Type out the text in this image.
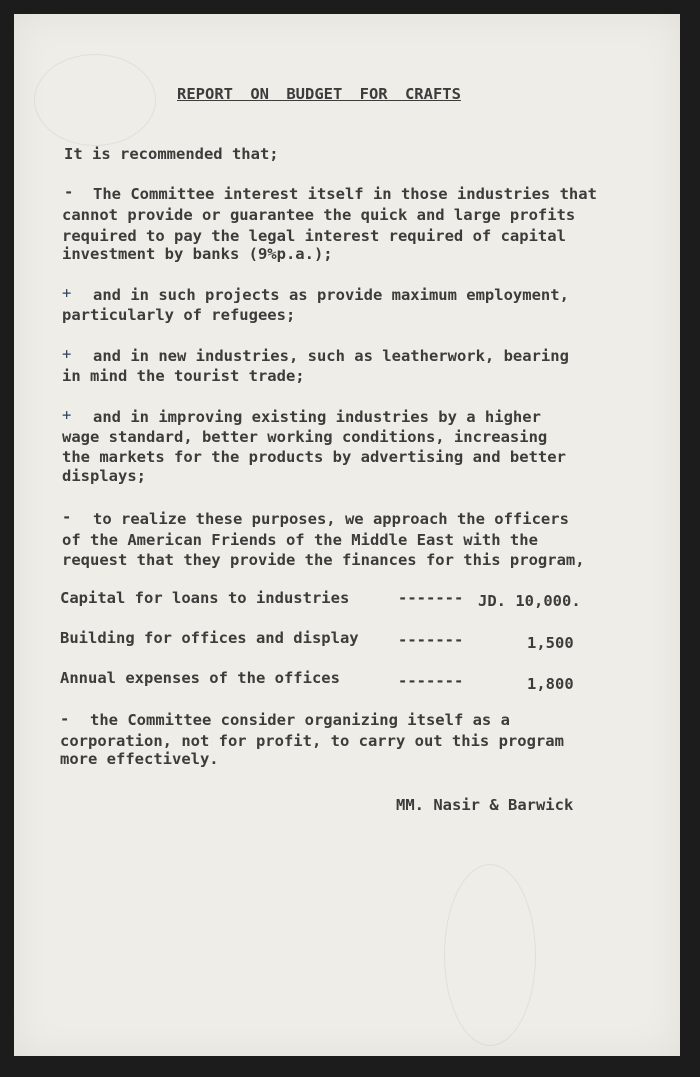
REPORT ON BUDGET FOR CRAFTS

It is recommended that;

- The Committee interest itself in those industries that

cannot provide or guarantee the quick and large profits

required to pay the legal interest required of capital

investment by banks (9%p.a.);

+ and in such projects as provide maximum employment,

particularly of refugees;

+ and in new industries, such as leatherwork, bearing

in mind the tourist trade;

+ and in improving existing industries by a higher

wage standard, better working conditions, increasing

the markets for the products by advertising and better

displays;

- to realize these purposes, we approach the officers

of the American Friends of the Middle East with the

request that they provide the finances for this program,

Capital for loans to industries	------- JD. 10,000.

Building for offices and display	-------	1,500

Annual expenses of the offices	-------	1,800

- the Committee consider organizing itself as a

corporation, not for profit, to carry out this program

more effectively.

MM. Nasir & Barwick
